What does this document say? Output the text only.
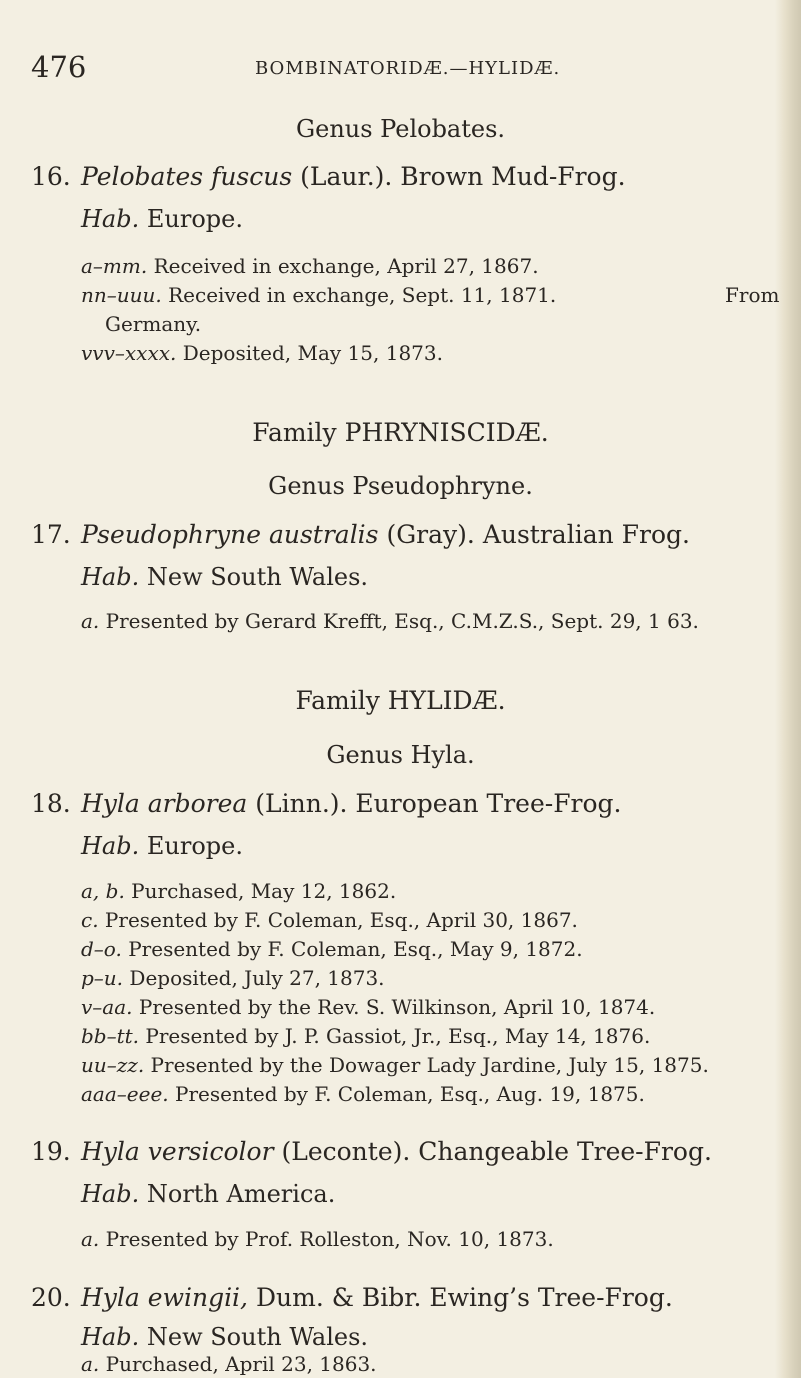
476	BOMBINATORIDÆ.—HYLIDÆ.
Genus Pelobates.
16. Pelobates fuscus (Laur.). Brown Mud-Frog.
Hab. Europe.
a–mm. Received in exchange, April 27, 1867.
nn–uuu. Received in exchange, Sept. 11, 1871.	From
Germany.
vvv–xxxx. Deposited, May 15, 1873.
Family PHRYNISCIDÆ.
Genus Pseudophryne.
17. Pseudophryne australis (Gray). Australian Frog.
Hab. New South Wales.
a. Presented by Gerard Krefft, Esq., C.M.Z.S., Sept. 29, 1 63.
Family HYLIDÆ.
Genus Hyla.
18. Hyla arborea (Linn.). European Tree-Frog.
Hab. Europe.
a, b. Purchased, May 12, 1862.
c. Presented by F. Coleman, Esq., April 30, 1867.
d–o. Presented by F. Coleman, Esq., May 9, 1872.
p–u. Deposited, July 27, 1873.
v–aa. Presented by the Rev. S. Wilkinson, April 10, 1874.
bb–tt. Presented by J. P. Gassiot, Jr., Esq., May 14, 1876.
uu–zz. Presented by the Dowager Lady Jardine, July 15, 1875.
aaa–eee. Presented by F. Coleman, Esq., Aug. 19, 1875.
19. Hyla versicolor (Leconte). Changeable Tree-Frog.
Hab. North America.
a. Presented by Prof. Rolleston, Nov. 10, 1873.
20. Hyla ewingii, Dum. & Bibr. Ewing’s Tree-Frog.
Hab. New South Wales.
a. Purchased, April 23, 1863.
